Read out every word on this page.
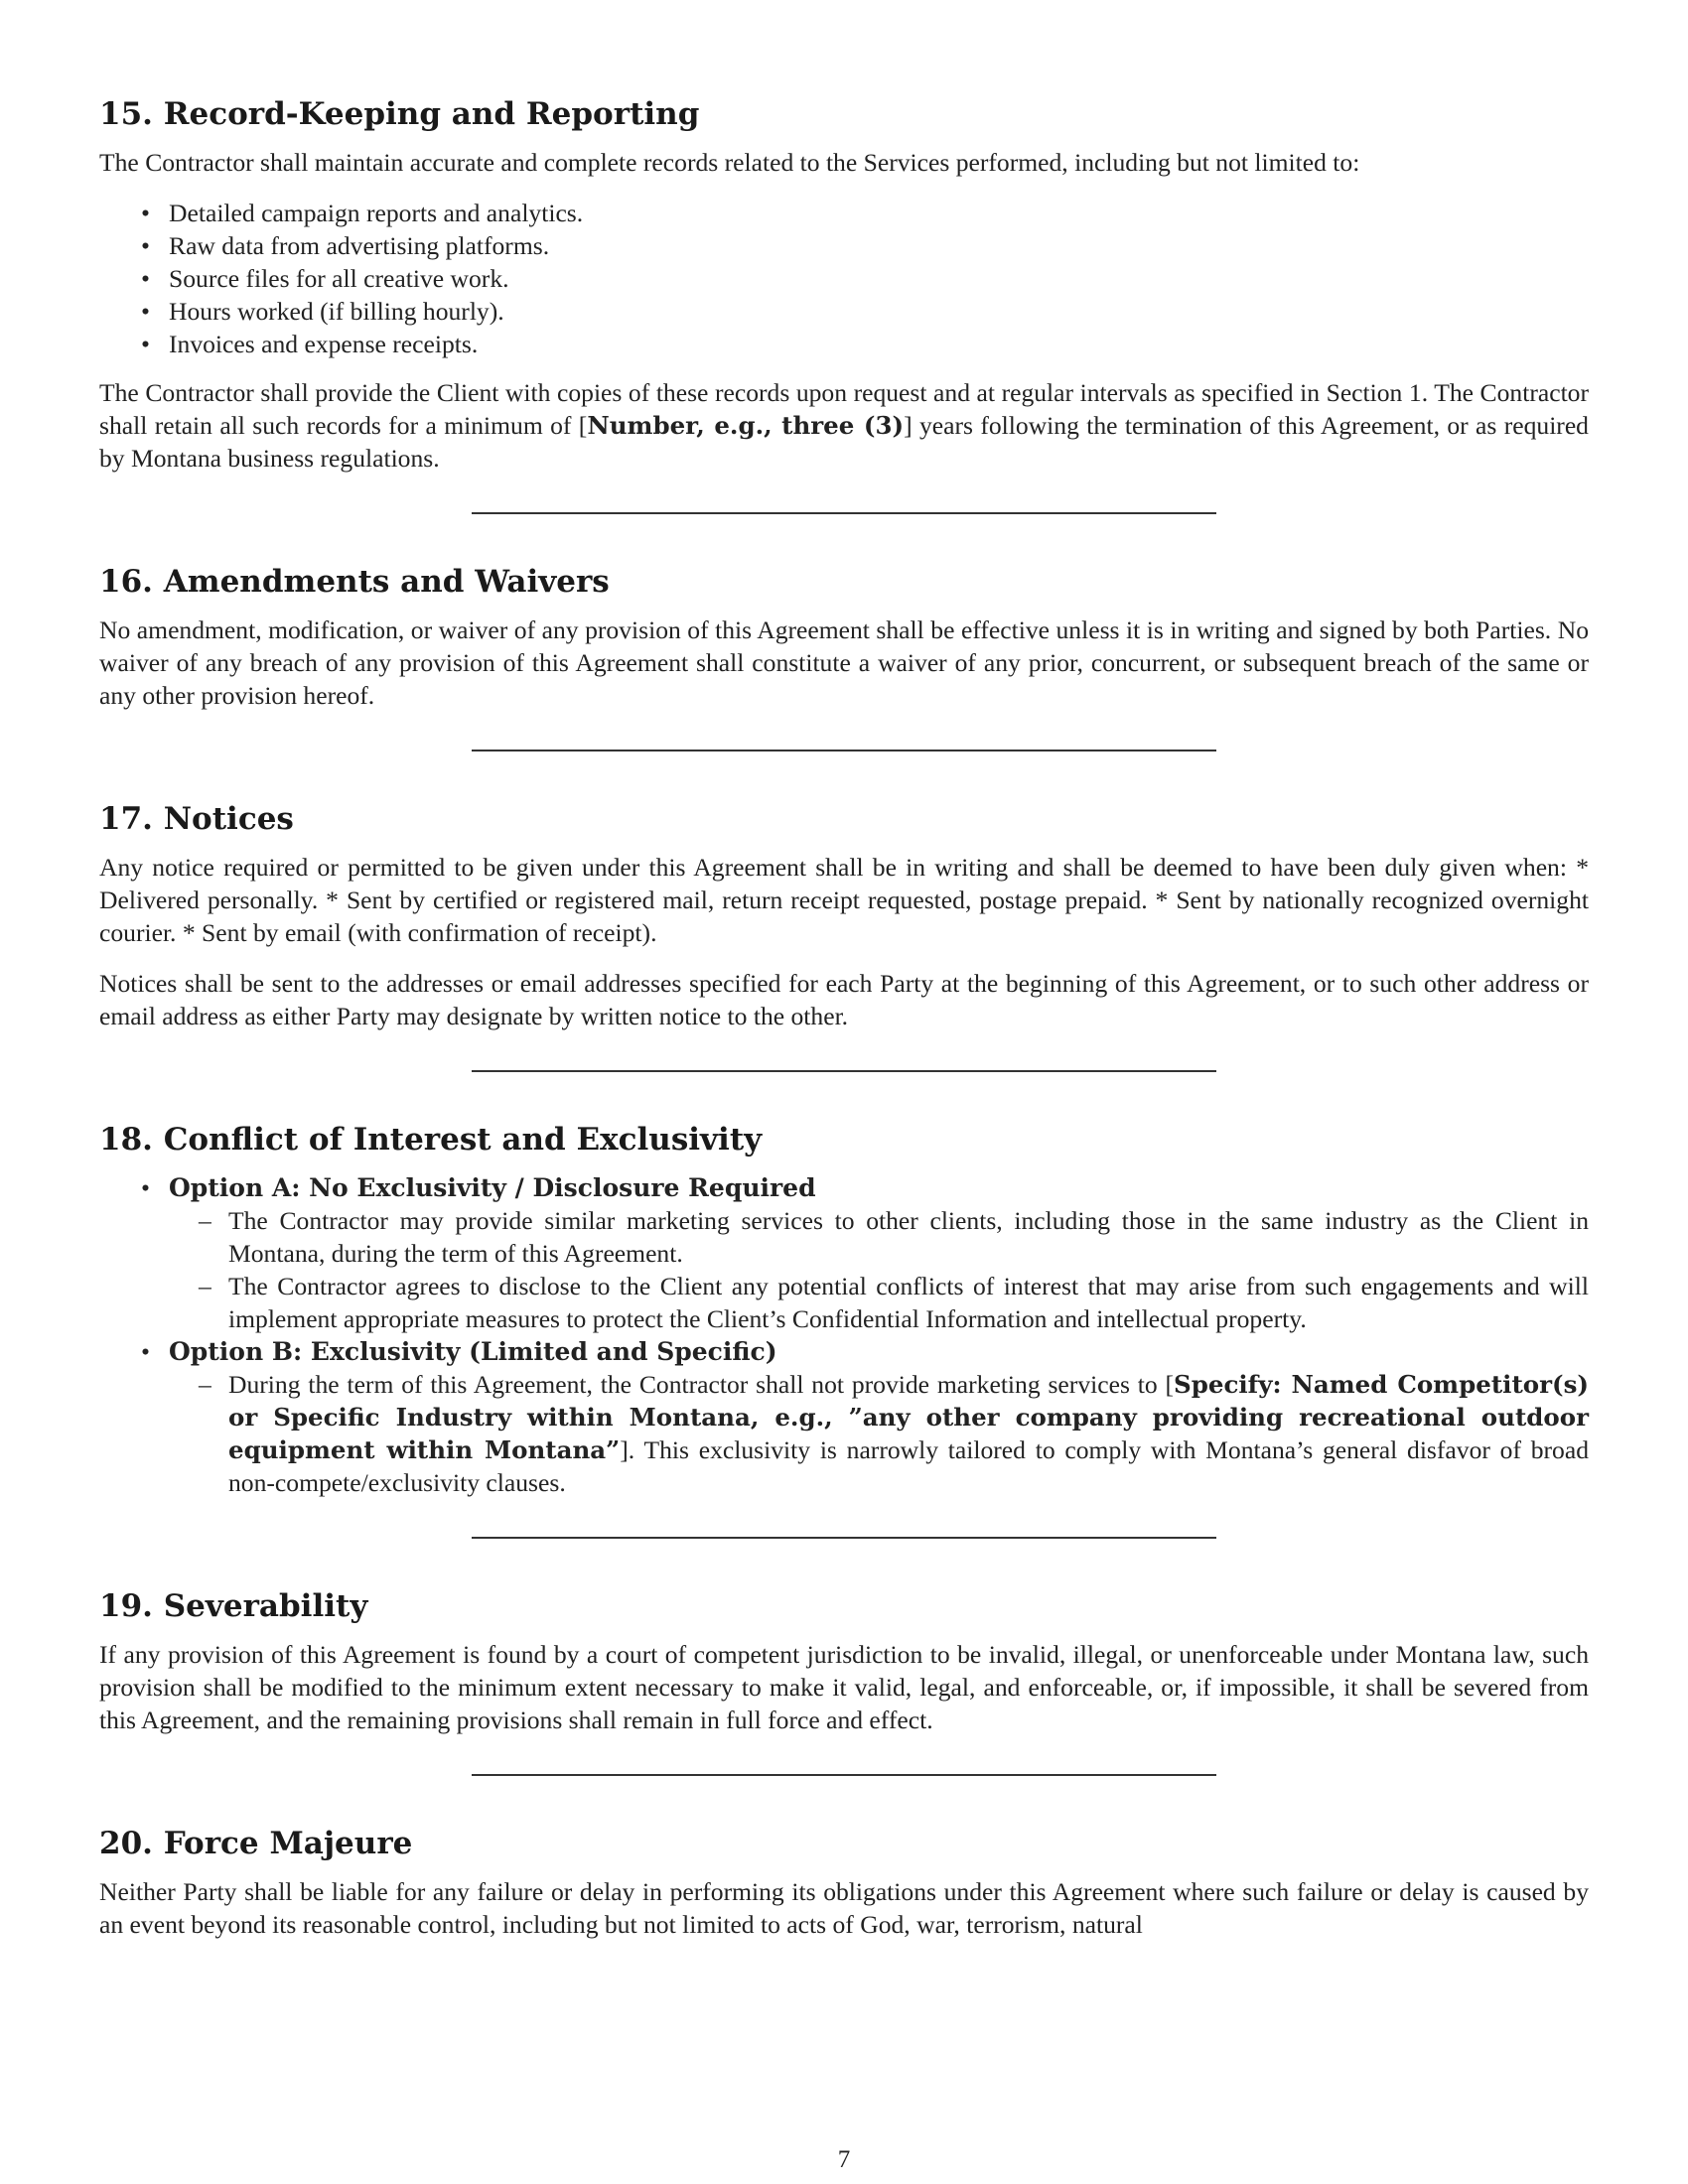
15. Record-Keeping and Reporting

The Contractor shall maintain accurate and complete records related to the Services performed, including but not limited to:

• Detailed campaign reports and analytics.
• Raw data from advertising platforms.
• Source files for all creative work.
• Hours worked (if billing hourly).
• Invoices and expense receipts.

The Contractor shall provide the Client with copies of these records upon request and at regular intervals as specified in Section 1. The Contractor shall retain all such records for a minimum of [Number, e.g., three (3)] years following the termination of this Agreement, or as required by Montana business regulations.

16. Amendments and Waivers

No amendment, modification, or waiver of any provision of this Agreement shall be effective unless it is in writing and signed by both Parties. No waiver of any breach of any provision of this Agreement shall constitute a waiver of any prior, concurrent, or subsequent breach of the same or any other provision hereof.

17. Notices

Any notice required or permitted to be given under this Agreement shall be in writing and shall be deemed to have been duly given when: * Delivered personally. * Sent by certified or registered mail, return receipt requested, postage prepaid. * Sent by nationally recognized overnight courier. * Sent by email (with confirmation of receipt).

Notices shall be sent to the addresses or email addresses specified for each Party at the beginning of this Agreement, or to such other address or email address as either Party may designate by written notice to the other.

18. Conflict of Interest and Exclusivity
• Option A: No Exclusivity / Disclosure Required
– The Contractor may provide similar marketing services to other clients, including those in the same industry as the Client in Montana, during the term of this Agreement.
– The Contractor agrees to disclose to the Client any potential conflicts of interest that may arise from such engagements and will implement appropriate measures to protect the Client’s Confidential Information and intellectual property.
• Option B: Exclusivity (Limited and Specific)
– During the term of this Agreement, the Contractor shall not provide marketing services to [Specify: Named Competitor(s) or Specific Industry within Montana, e.g., ”any other company providing recreational outdoor equipment within Montana”]. This exclusivity is narrowly tailored to comply with Montana’s general disfavor of broad non-compete/exclusivity clauses.
19. Severability

If any provision of this Agreement is found by a court of competent jurisdiction to be invalid, illegal, or unenforceable under Montana law, such provision shall be modified to the minimum extent necessary to make it valid, legal, and enforceable, or, if impossible, it shall be severed from this Agreement, and the remaining provisions shall remain in full force and effect.

20. Force Majeure

Neither Party shall be liable for any failure or delay in performing its obligations under this Agreement where such failure or delay is caused by an event beyond its reasonable control, including but not limited to acts of God, war, terrorism, natural

7
